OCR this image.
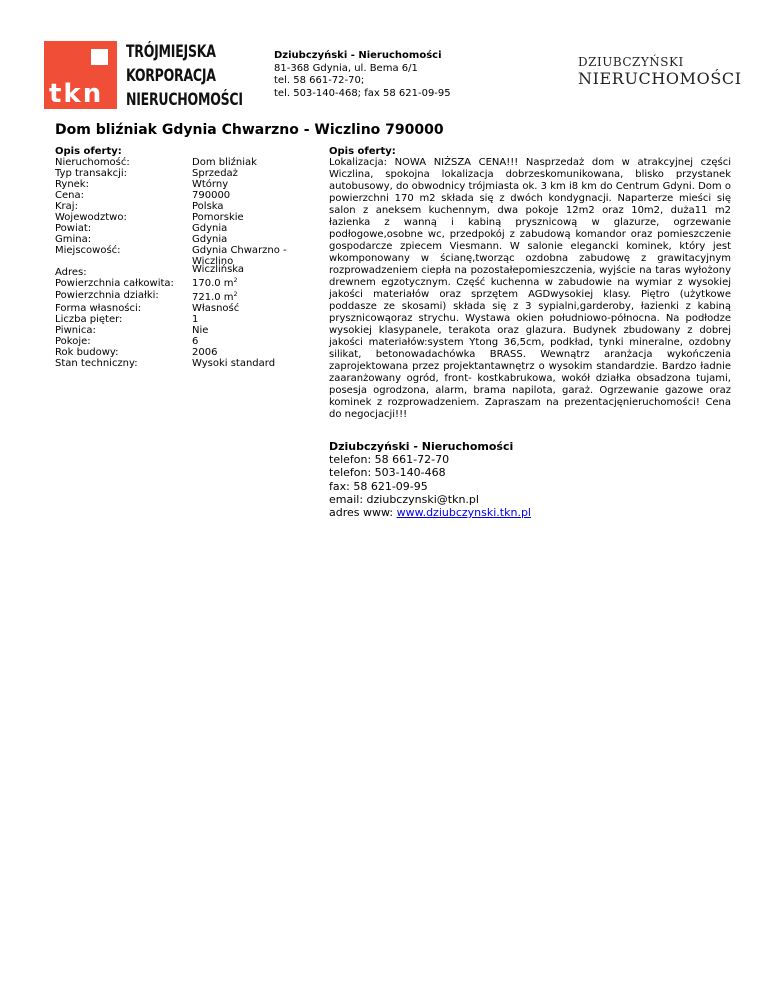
tkn
TRÓJMIEJSKA
KORPORACJA
NIERUCHOMOŚCI
Dziubczyński - Nieruchomości
81-368 Gdynia, ul. Bema 6/1
tel. 58 661-72-70;
tel. 503-140-468; fax 58 621-09-95
DZIUBCZYŃSKI
NIERUCHOMOŚCI
Dom bliźniak Gdynia Chwarzno - Wiczlino 790000
Opis oferty:
Nieruchomość:
Typ transakcji:
Rynek:
Cena:
Kraj:
Wojewodztwo:
Powiat:
Gmina:
Miejscowość:
Adres:
Powierzchnia całkowita:
Powierzchnia działki:
Forma własności:
Liczba pięter:
Piwnica:
Pokoje:
Rok budowy:
Stan techniczny:
Dom bliźniak
Sprzedaż
Wtórny
790000
Polska
Pomorskie
Gdynia
Gdynia
Gdynia Chwarzno -
Wiczlino
Wiczlińska
170.0 $m^2$
721.0 $m^2$
Własność
1
Nie
6
2006
Wysoki standard
Opis oferty:
Lokalizacja: NOWA NIŻSZA CENA!!! Nasprzedaż dom w atrakcyjnej części Wiczlina, spokojna lokalizacja dobrzeskomunikowana, blisko przystanek autobusowy, do obwodnicy trójmiasta ok. 3 km i8 km do Centrum Gdyni. Dom o powierzchni 170 m2 składa się z dwóch kondygnacji. Naparterze mieści się salon z aneksem kuchennym, dwa pokoje 12m2 oraz 10m2, duża11 m2 łazienka z wanną i kabiną prysznicową w glazurze, ogrzewanie podłogowe,osobne wc, przedpokój z zabudową komandor oraz pomieszczenie gospodarcze zpiecem Viesmann. W salonie elegancki kominek, który jest wkomponowany w ścianę,tworząc ozdobna zabudowę z grawitacyjnym rozprowadzeniem ciepła na pozostałepomieszczenia, wyjście na taras wyłożony drewnem egzotycznym. Część kuchenna w zabudowie na wymiar z wysokiej jakości materiałów oraz sprzętem AGDwysokiej klasy. Piętro (użytkowe poddasze ze skosami) składa się z 3 sypialni,garderoby, łazienki z kabiną prysznicowąoraz strychu. Wystawa okien południowo-północna. Na podłodze wysokiej klasypanele, terakota oraz glazura. Budynek zbudowany z dobrej jakości materiałów:system Ytong 36,5cm, podkład, tynki mineralne, ozdobny silikat, betonowadachówka BRASS. Wewnątrz aranżacja wykończenia zaprojektowana przez projektantawnętrz o wysokim standardzie. Bardzo ładnie zaaranżowany ogród, front- kostkabrukowa, wokół działka obsadzona tujami, posesja ogrodzona, alarm, brama napilota, garaż. Ogrzewanie gazowe oraz kominek z rozprowadzeniem. Zapraszam na prezentacjęnieruchomości! Cena do negocjacji!!!
Dziubczyński - Nieruchomości
telefon: 58 661-72-70
telefon: 503-140-468
fax: 58 621-09-95
email: dziubczynski@tkn.pl
adres www: www.dziubczynski.tkn.pl
